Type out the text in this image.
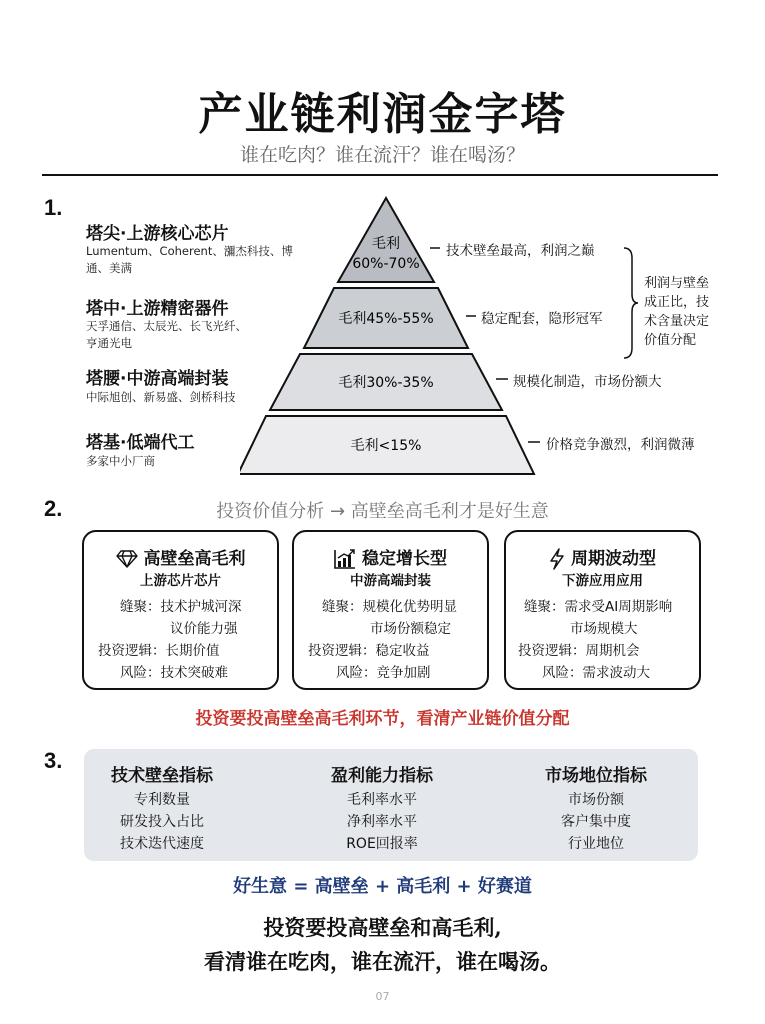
产业链利润金字塔
谁在吃肉？谁在流汗？谁在喝汤？
1.
塔尖·上游核心芯片
Lumentum、Coherent、瀰杰科技、博
通、美满
塔中·上游精密器件
天孚通信、太辰光、长飞光纤、
亨通光电
塔腰·中游高端封装
中际旭创、新易盛、剑桥科技
塔基·低端代工
多家中小厂商
毛利
60%-70%
毛利45%-55%
毛利30%-35%
毛利<15%
技术壁垒最高，利润之巅
稳定配套，隐形冠军
规模化制造，市场份额大
价格竞争激烈，利润微薄
利润与壁垒
成正比，技
术含量决定
价值分配
2.	投资价值分析 → 高壁垒高毛利才是好生意
高壁垒高毛利
上游芯片芯片
缝聚：技术护城河深
议价能力强
投资逻辑：长期价值
风险：技术突破难
稳定增长型
中游高端封装
缝聚：规模化优势明显
市场份额稳定
投资逻辑：稳定收益
风险：竞争加剧
周期波动型
下游应用应用
缝聚：需求受AI周期影响
市场规模大
投资逻辑：周期机会
风险：需求波动大
投资要投高壁垒高毛利环节，看清产业链价值分配
3.
技术壁垒指标
专利数量
研发投入占比
技术迭代速度
盈利能力指标
毛利率水平
净利率水平
ROE回报率
市场地位指标
市场份额
客户集中度
行业地位
好生意 = 高壁垒 + 高毛利 + 好赛道
投资要投高壁垒和高毛利,
看清谁在吃肉，谁在流汗，谁在喝汤。
07
